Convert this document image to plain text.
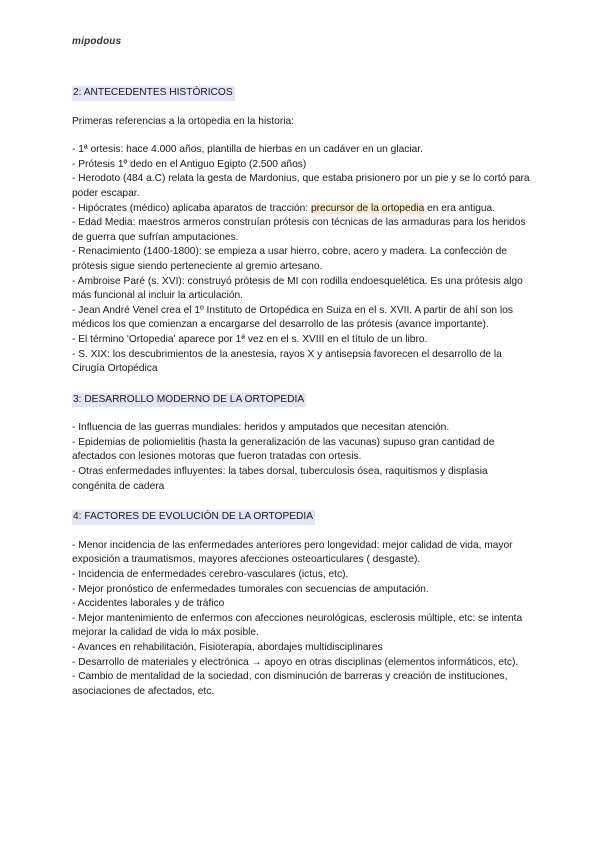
mipodous
2: ANTECEDENTES HISTÓRICOS

Primeras referencias a la ortopedia en la historia:

- 1ª ortesis: hace 4.000 años, plantilla de hierbas en un cadáver en un glaciar.

- Prótesis 1º dedo en el Antiguo Egipto (2.500 años)

- Herodoto (484 a.C) relata la gesta de Mardonius, que estaba prisionero por un pie y se lo cortó para poder escapar.

- Hipócrates (médico) aplicaba aparatos de tracción: precursor de la ortopedia en era antigua.

- Edad Media: maestros armeros construían prótesis con técnicas de las armaduras para los heridos de guerra que sufrían amputaciones.

- Renacimiento (1400-1800): se empieza a usar hierro, cobre, acero y madera. La confección de prótesis sigue siendo perteneciente al gremio artesano.

- Ambroise Paré (s. XVI): construyó prótesis de MI con rodilla endoesquelética. Es una prótesis algo más funcional al incluir la articulación.

- Jean André Venel crea el 1º Instituto de Ortopédica en Suiza en el s. XVII. A partir de ahí son los médicos los que comienzan a encargarse del desarrollo de las prótesis (avance importante).

- El término 'Ortopedia' aparece por 1ª vez en el s. XVIII en el título de un libro.

- S. XIX: los descubrimientos de la anestesia, rayos X y antisepsia favorecen el desarrollo de la Cirugía Ortopédica

3: DESARROLLO MODERNO DE LA ORTOPEDIA

- Influencia de las guerras mundiales: heridos y amputados que necesitan atención.

- Epidemias de poliomielitis (hasta la generalización de las vacunas) supuso gran cantidad de afectados con lesiones motoras que fueron tratadas con ortesis.

- Otras enfermedades influyentes: la tabes dorsal, tuberculosis ósea, raquitismos y displasia congénita de cadera

4: FACTORES DE EVOLUCIÓN DE LA ORTOPEDIA

- Menor incidencia de las enfermedades anteriores pero longevidad: mejor calidad de vida, mayor exposición a traumatismos, mayores afecciones osteoarticulares ( desgaste).

- Incidencia de enfermedades cerebro-vasculares (ictus, etc).

- Mejor pronóstico de enfermedades tumorales con secuencias de amputación.

- Accidentes laborales y de tráfico

- Mejor mantenimiento de enfermos con afecciones neurológicas, esclerosis múltiple, etc: se intenta mejorar la calidad de vida lo máx posible.

- Avances en rehabilitación, Fisioterapia, abordajes multidisciplinares

- Desarrollo de materiales y electrónica → apoyo en otras disciplinas (elementos informáticos, etc).

- Cambio de mentalidad de la sociedad, con disminución de barreras y creación de instituciones, asociaciones de afectados, etc.
